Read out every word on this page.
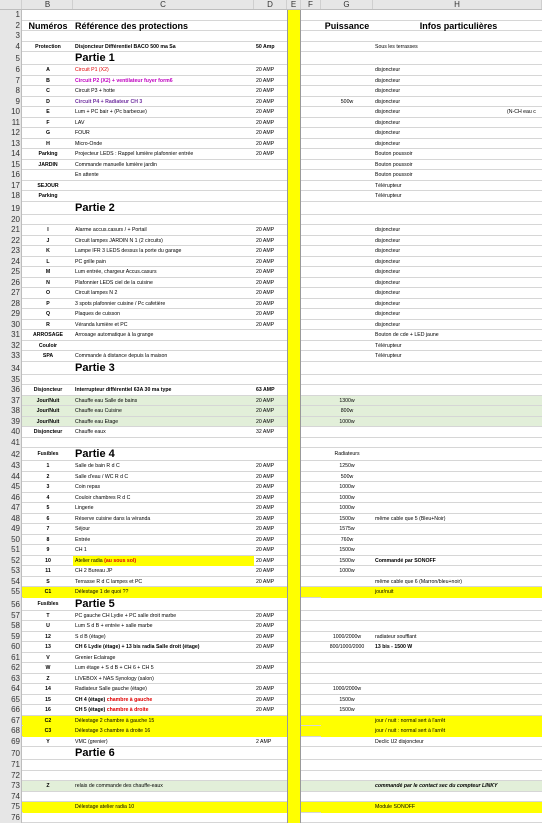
B	C	D	E	F	G	H
1
2 Numéros Référence des protections	Puissance	Infos particulières
3
4	Protection	Disjoncteur Différentiel BACO 500 ma Sa	50 Amp	Sous les terrasses
5	Partie 1
6	A	Circuit P1 (X2)	20 AMP	disjoncteur
7	B	Circuit P2 (X2) + ventilateur fuyer form6	20 AMP	disjoncteur
8	C	Circuit P3 + hotte	20 AMP	disjoncteur
9	D	Circuit P4 + Radiateur CH 3	20 AMP	500w	disjoncteur
10	E	Lum + PC bair + (Pc barbecue)	20 AMP	disjoncteur	(N-CH eau c
11	F	LAV	20 AMP	disjoncteur
12	G	FOUR	20 AMP	disjoncteur
13	H	Micro-Onde	20 AMP	disjoncteur
14	Parking	Projecteur LEDS : Rappel lumière plafonnier entrée	20 AMP	Bouton poussoir
15	JARDIN	Commande manuelle lumière jardin	Bouton poussoir
16	En attente	Bouton poussoir
17	SEJOUR	Télérupteur
18	Parking	Télérupteur
19	Partie 2
20
21	I	Alarme accus.casurs / + Portail	20 AMP	disjoncteur
22	J	Circuit lampes JARDIN N 1 (2 circuits)	20 AMP	disjoncteur
23	K	Lampe IFR 3 LEDS dessus la porte du garage	20 AMP	disjoncteur
24	L	PC grille pain	20 AMP	disjoncteur
25	M	Lum entrée, chargeur Accus.casurs	20 AMP	disjoncteur
26	N	Plafonnier LEDS ciel de la cuisine	20 AMP	disjoncteur
27	O	Circuit lampes N 2	20 AMP	disjoncteur
28	P	3 spots plafonnier cuisine / Pc cafetière	20 AMP	disjoncteur
29	Q	Plaques de cuisson	20 AMP	disjoncteur
30	R	Véranda lumière et PC	20 AMP	disjoncteur
31	ARROSAGE	Arrosage automatique à la grange	Bouton de cde + LED jaune
32	Couloir	Télérupteur
33	SPA	Commande à distance depuis la maison	Télérupteur
34	Partie 3
35
36	Disjoncteur	Interrupteur différentiel 63A 30 ma type	63 AMP
37	Jour/Nuit	Chauffe eau Salle de bains	20 AMP	1300w
38	Jour/Nuit	Chauffe eau Cuisine	20 AMP	800w
39	Jour/Nuit	Chauffe eau Etage	20 AMP	1000w
40	Disjoncteur	Chauffe eaux	32 AMP
41
42	Fusibles	Partie 4	Radiateurs
43	1	Salle de bain R d C	20 AMP	1250w
44	2	Salle d'eau / WC R d C	20 AMP	500w
45	3	Coin repas	20 AMP	1000w
46	4	Couloir chambres R d C	20 AMP	1000w
47	5	Lingerie	20 AMP	1000w
48	6	Réserve cuisine dans la véranda	20 AMP	1500w	même cable que 5 (Bleu+Noir)
49	7	Séjour	20 AMP	1575w
50	8	Entrée	20 AMP	760w
51	9	CH 1	20 AMP	1500w
52	10	Atelier radia (au sous sol)	20 AMP	1500w	Commandé par SONOFF
53	11	CH 2 Bureau JP	20 AMP	1000w
54	S	Terrasse R d C lampes et PC	20 AMP	même cable que 6 (Marron/bleu+noir)
55	C1	Délestage 1 de quoi ??	jour/nuit
56	Fusibles	Partie 5
57	T	PC gauche CH Lydie + PC salle droit marbe	20 AMP
58	U	Lum S d B + entrée + salle marbe	20 AMP
59	12	S d B (étage)	20 AMP	1000/2000w	radiateur soufflant
60	13	CH 6 Lydie (étage) + 13 bis radia Salle droit (étage)	20 AMP	800/1000/2000	13 bis - 1500 W
61	V	Grenier Eclairage
62	W	Lum étage + S d B + CH 6 + CH 5	20 AMP
63	Z	LIVEBOX + NAS Synology (salon)
64	14	Radiateur Salle gauche (étage)	20 AMP	1000/2000w
65	15	CH 4 (étage) chambre à gauche	20 AMP	1500w
66	16	CH 5 (étage) chambre à droite	20 AMP	1500w
67	C2	Délestage 2 chambre à gauche 15	jour / nuit : normal sert à l'arrêt
68	C3	Délestage 3 chambre à droite 16	jour / nuit : normal sert à l'arrêt
69	Y	VMC (grenier)	2 AMP	Declic U2 disjoncteur
70	Partie 6
71
72
73	Z	relais de commande des chauffe-eaux	commandé par le contact sec du compteur LINKY
74
75	Délestage atelier radia 10	Module SONOFF
76
